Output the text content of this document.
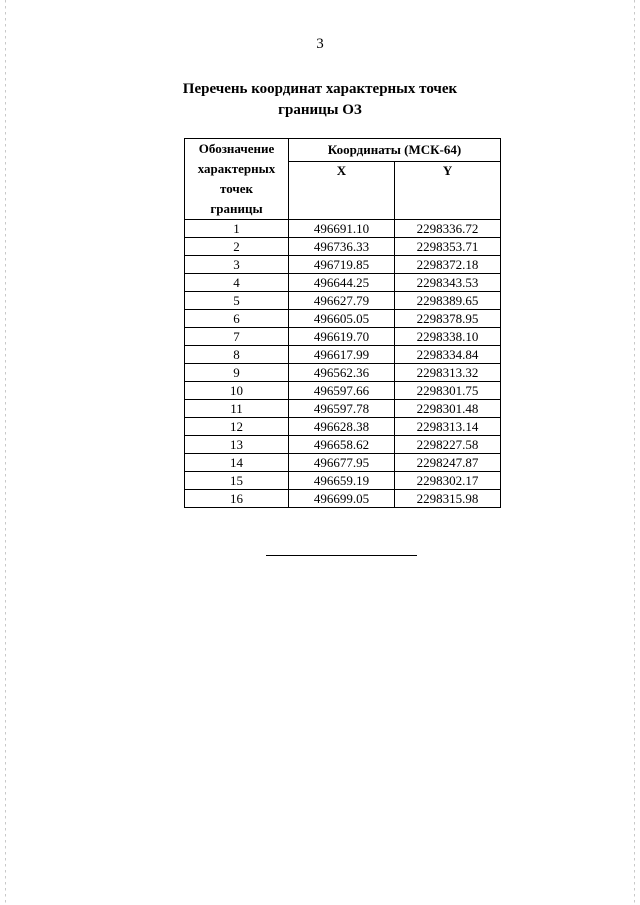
3
Перечень координат характерных точек
границы ОЗ
Обозначение
характерных
точек
границы	Координаты (МСК-64)	
	X	Y
1	496691.10	2298336.72
2	496736.33	2298353.71
3	496719.85	2298372.18
4	496644.25	2298343.53
5	496627.79	2298389.65
6	496605.05	2298378.95
7	496619.70	2298338.10
8	496617.99	2298334.84
9	496562.36	2298313.32
10	496597.66	2298301.75
11	496597.78	2298301.48
12	496628.38	2298313.14
13	496658.62	2298227.58
14	496677.95	2298247.87
15	496659.19	2298302.17
16	496699.05	2298315.98
